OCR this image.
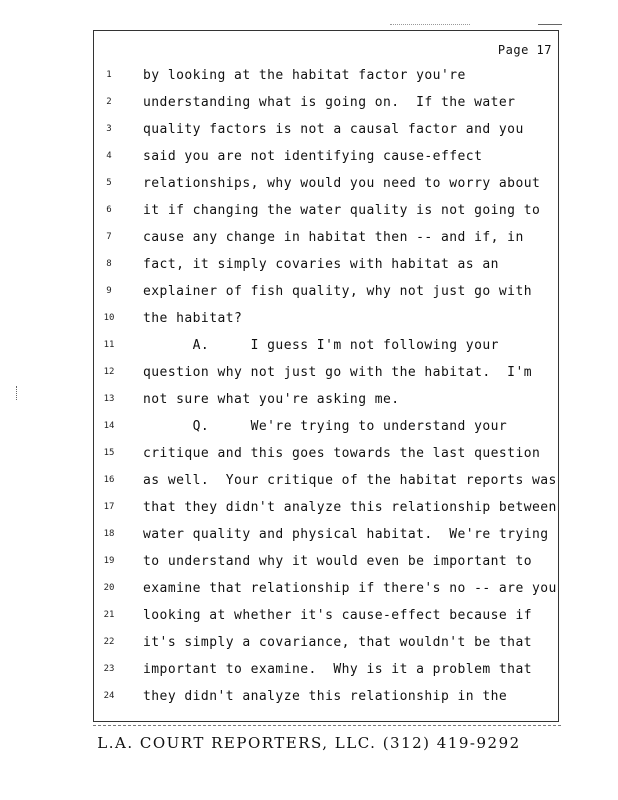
Page 17
1	by looking at the habitat factor you're
2	understanding what is going on.  If the water
3	quality factors is not a causal factor and you
4	said you are not identifying cause-effect
5	relationships, why would you need to worry about
6	it if changing the water quality is not going to
7	cause any change in habitat then -- and if, in
8	fact, it simply covaries with habitat as an
9	explainer of fish quality, why not just go with
10	the habitat?
11	A.     I guess I'm not following your
12	question why not just go with the habitat.  I'm
13	not sure what you're asking me.
14	Q.     We're trying to understand your
15	critique and this goes towards the last question
16	as well.  Your critique of the habitat reports was
17	that they didn't analyze this relationship between
18	water quality and physical habitat.  We're trying
19	to understand why it would even be important to
20	examine that relationship if there's no -- are you
21	looking at whether it's cause-effect because if
22	it's simply a covariance, that wouldn't be that
23	important to examine.  Why is it a problem that
24	they didn't analyze this relationship in the
L.A. COURT REPORTERS, LLC. (312) 419-9292
